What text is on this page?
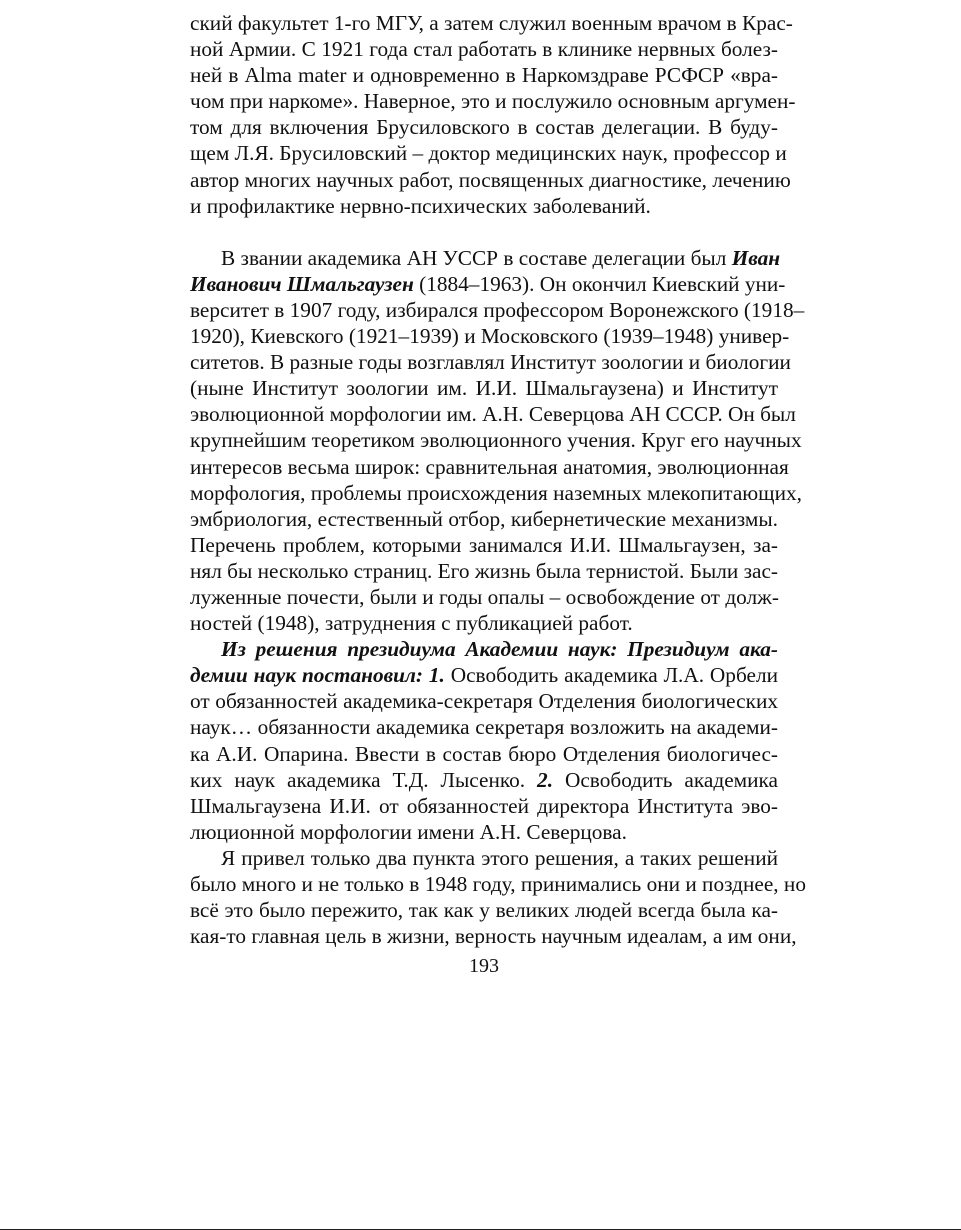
ский факультет 1-го МГУ, а затем служил военным врачом в Крас-
ной Армии. С 1921 года стал работать в клинике нервных болез-
ней в Alma mater и одновременно в Наркомздраве РСФСР «вра-
чом при наркоме». Наверное, это и послужило основным аргумен-
том для включения Брусиловского в состав делегации. В буду-
щем Л.Я. Брусиловский – доктор медицинских наук, профессор и
автор многих научных работ, посвященных диагностике, лечению
и профилактике нервно-психических заболеваний.
В звании академика АН УССР в составе делегации был Иван
Иванович Шмальгаузен (1884–1963). Он окончил Киевский уни-
верситет в 1907 году, избирался профессором Воронежского (1918–
1920), Киевского (1921–1939) и Московского (1939–1948) универ-
ситетов. В разные годы возглавлял Институт зоологии и биологии
(ныне Институт зоологии им. И.И. Шмальгаузена) и Институт
эволюционной морфологии им. А.Н. Северцова АН СССР. Он был
крупнейшим теоретиком эволюционного учения. Круг его научных
интересов весьма широк: сравнительная анатомия, эволюционная
морфология, проблемы происхождения наземных млекопитающих,
эмбриология, естественный отбор, кибернетические механизмы.
Перечень проблем, которыми занимался И.И. Шмальгаузен, за-
нял бы несколько страниц. Его жизнь была тернистой. Были зас-
луженные почести, были и годы опалы – освобождение от долж-
ностей (1948), затруднения с публикацией работ.
Из решения президиума Академии наук: Президиум ака-
демии наук постановил: 1. Освободить академика Л.А. Орбели
от обязанностей академика-секретаря Отделения биологических
наук… обязанности академика секретаря возложить на академи-
ка А.И. Опарина. Ввести в состав бюро Отделения биологичес-
ких наук академика Т.Д. Лысенко. 2. Освободить академика
Шмальгаузена И.И. от обязанностей директора Института эво-
люционной морфологии имени А.Н. Северцова.
Я привел только два пункта этого решения, а таких решений
было много и не только в 1948 году, принимались они и позднее, но
всё это было пережито, так как у великих людей всегда была ка-
кая-то главная цель в жизни, верность научным идеалам, а им они,
193
